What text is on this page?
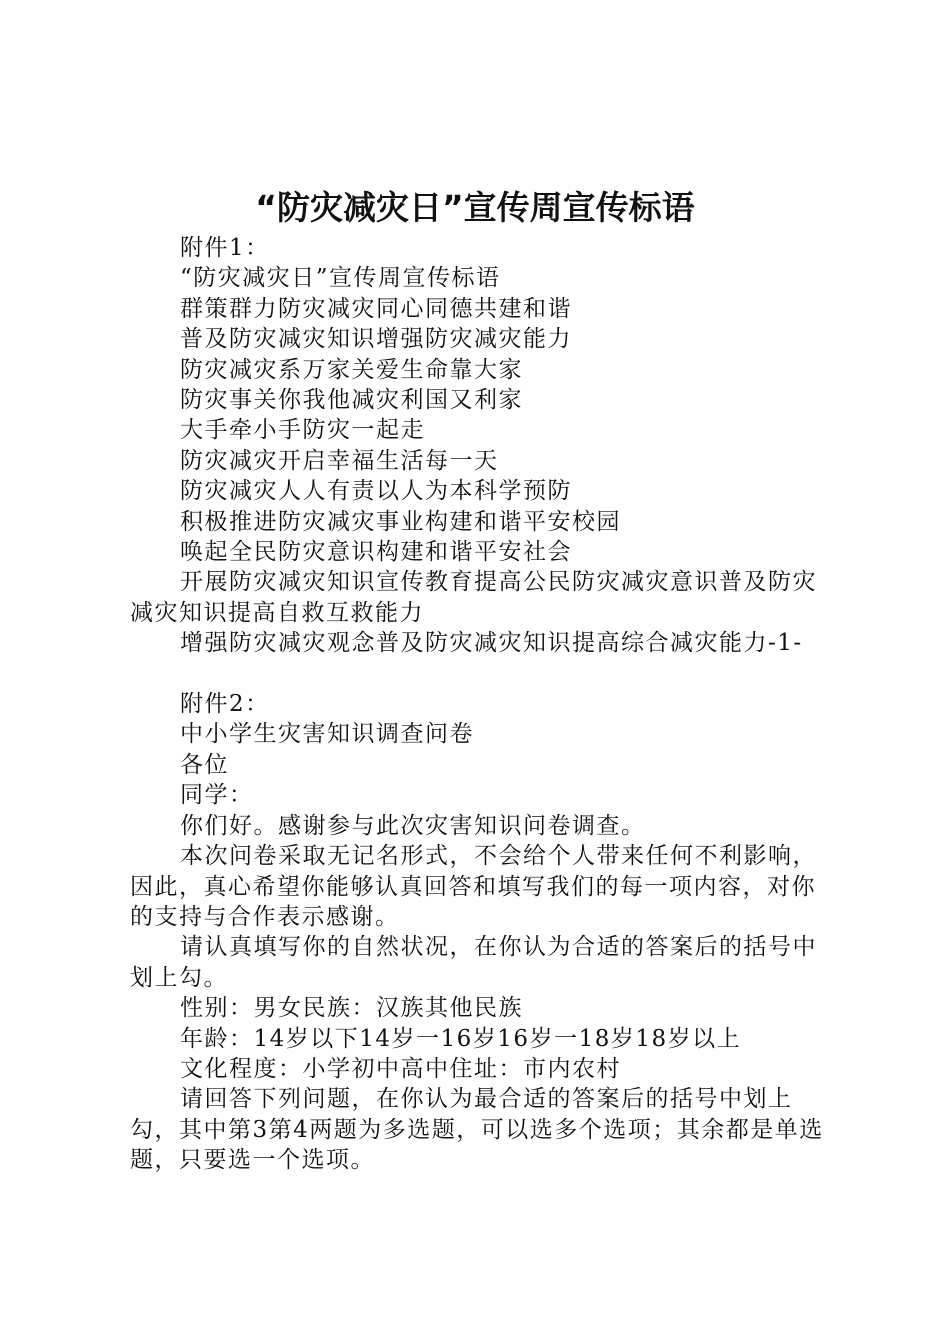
“防灾减灾日”宣传周宣传标语

附件1：

“防灾减灾日”宣传周宣传标语

群策群力防灾减灾同心同德共建和谐

普及防灾减灾知识增强防灾减灾能力

防灾减灾系万家关爱生命靠大家

防灾事关你我他减灾利国又利家

大手牵小手防灾一起走

防灾减灾开启幸福生活每一天

防灾减灾人人有责以人为本科学预防

积极推进防灾减灾事业构建和谐平安校园

唤起全民防灾意识构建和谐平安社会

开展防灾减灾知识宣传教育提高公民防灾减灾意识普及防灾减灾知识提高自救互救能力

增强防灾减灾观念普及防灾减灾知识提高综合减灾能力-1-

附件2：

中小学生灾害知识调查问卷

各位

同学：

你们好。感谢参与此次灾害知识问卷调查。

本次问卷采取无记名形式，不会给个人带来任何不利影响，因此，真心希望你能够认真回答和填写我们的每一项内容，对你的支持与合作表示感谢。

请认真填写你的自然状况，在你认为合适的答案后的括号中划上勾。

性别：男女民族：汉族其他民族

年龄：14岁以下14岁一16岁16岁一18岁18岁以上

文化程度：小学初中高中住址：市内农村

请回答下列问题，在你认为最合适的答案后的括号中划上勾，其中第3第4两题为多选题，可以选多个选项；其余都是单选题，只要选一个选项。
